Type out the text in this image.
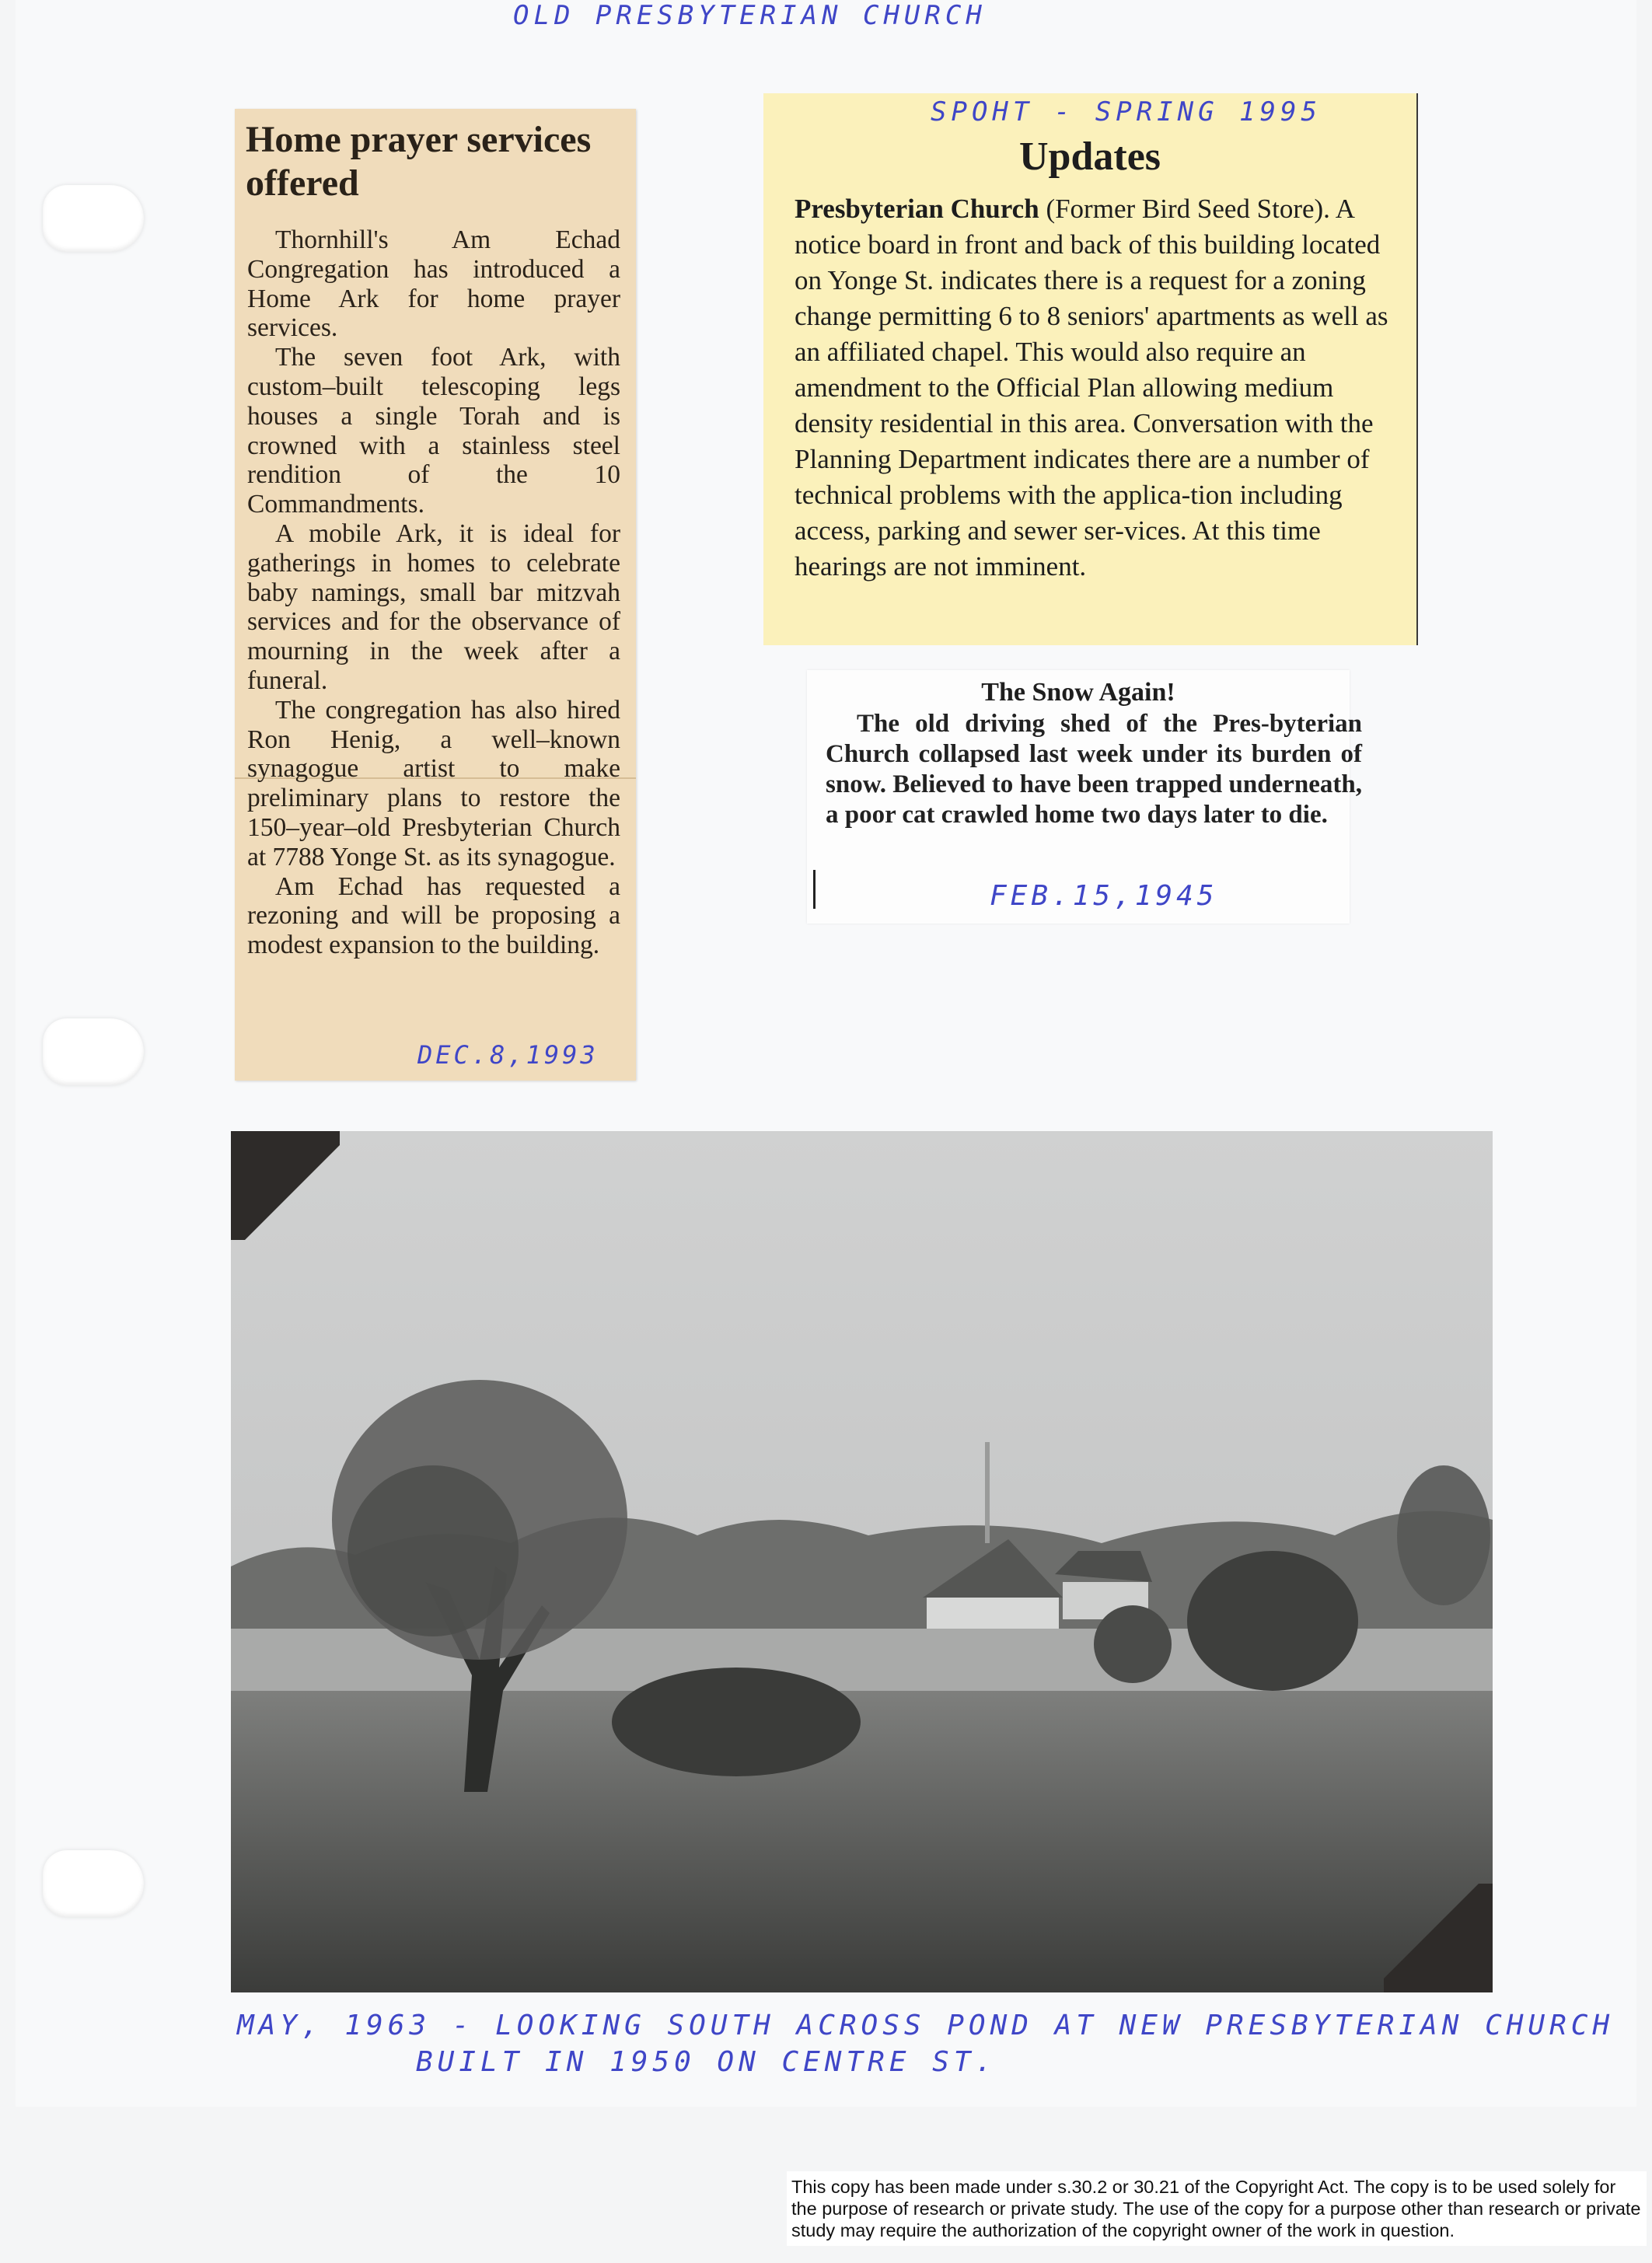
OLD PRESBYTERIAN CHURCH
Home prayer services offered

Thornhill's Am Echad Congregation has introduced a Home Ark for home prayer services.

The seven foot Ark, with custom–built telescoping legs houses a single Torah and is crowned with a stainless steel rendition of the 10 Commandments.

A mobile Ark, it is ideal for gatherings in homes to celebrate baby namings, small bar mitzvah services and for the observance of mourning in the week after a funeral.

The congregation has also hired Ron Henig, a well–known synagogue artist to make preliminary plans to restore the 150–year–old Presbyterian Church at 7788 Yonge St. as its synagogue.

Am Echad has requested a rezoning and will be proposing a modest expansion to the building.

DEC.8,1993
SPOHT - SPRING 1995
Updates
Presbyterian Church (Former Bird Seed Store). A notice board in front and back of this building located on Yonge St. indicates there is a request for a zoning change permitting 6 to 8 seniors' apartments as well as an affiliated chapel. This would also require an amendment to the Official Plan allowing medium density residential in this area. Conversation with the Planning Department indicates there are a number of technical problems with the applica-tion including access, parking and sewer ser-vices. At this time hearings are not imminent.
The Snow Again!
The old driving shed of the Pres-byterian Church collapsed last week under its burden of snow. Believed to have been trapped underneath, a poor cat crawled home two days later to die.
FEB.15,1945
MAY, 1963 - LOOKING SOUTH ACROSS POND AT NEW PRESBYTERIAN CHURCH
BUILT IN 1950 ON CENTRE ST.
This copy has been made under s.30.2 or 30.21 of the Copyright Act. The copy is to be used solely for the purpose of research or private study. The use of the copy for a purpose other than research or private study may require the authorization of the copyright owner of the work in question.
